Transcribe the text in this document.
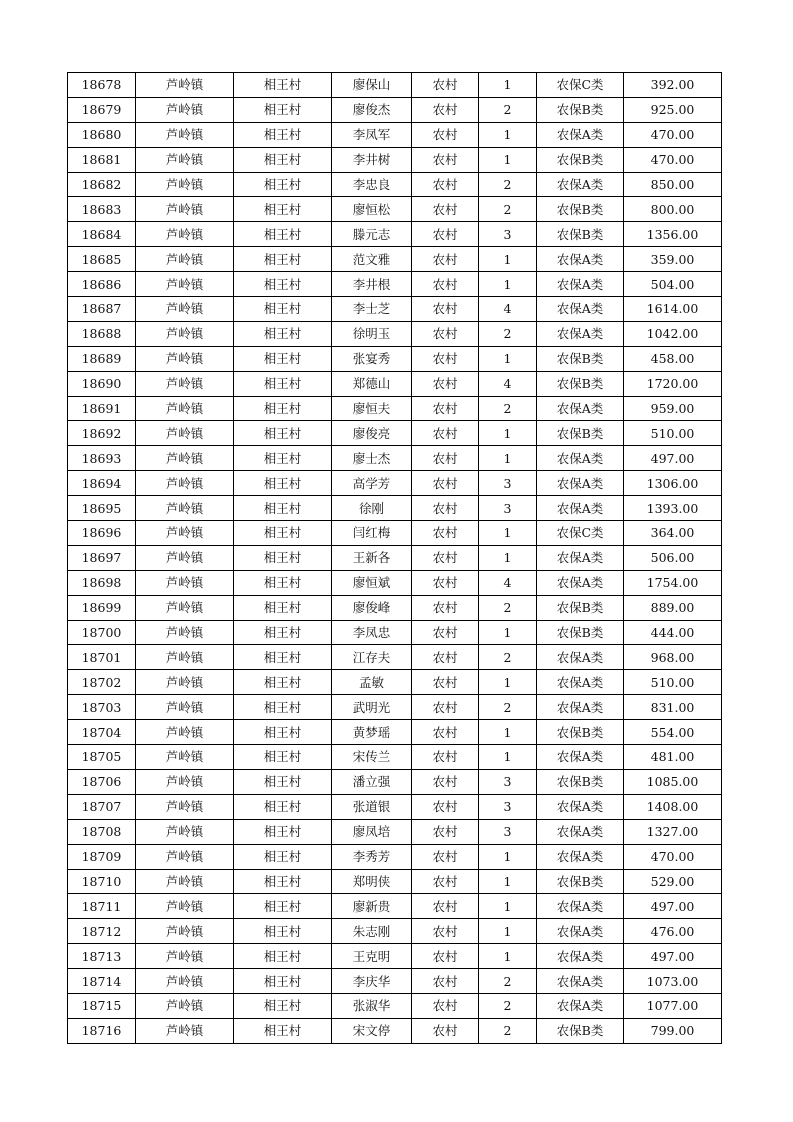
18678	芦岭镇	相王村	廖保山	农村	1	农保C类	392.00
18679	芦岭镇	相王村	廖俊杰	农村	2	农保B类	925.00
18680	芦岭镇	相王村	李凤军	农村	1	农保A类	470.00
18681	芦岭镇	相王村	李井树	农村	1	农保B类	470.00
18682	芦岭镇	相王村	李忠良	农村	2	农保A类	850.00
18683	芦岭镇	相王村	廖恒松	农村	2	农保B类	800.00
18684	芦岭镇	相王村	滕元志	农村	3	农保B类	1356.00
18685	芦岭镇	相王村	范文雅	农村	1	农保A类	359.00
18686	芦岭镇	相王村	李井根	农村	1	农保A类	504.00
18687	芦岭镇	相王村	李士芝	农村	4	农保A类	1614.00
18688	芦岭镇	相王村	徐明玉	农村	2	农保A类	1042.00
18689	芦岭镇	相王村	张宴秀	农村	1	农保B类	458.00
18690	芦岭镇	相王村	郑德山	农村	4	农保B类	1720.00
18691	芦岭镇	相王村	廖恒夫	农村	2	农保A类	959.00
18692	芦岭镇	相王村	廖俊亮	农村	1	农保B类	510.00
18693	芦岭镇	相王村	廖士杰	农村	1	农保A类	497.00
18694	芦岭镇	相王村	高学芳	农村	3	农保A类	1306.00
18695	芦岭镇	相王村	徐刚	农村	3	农保A类	1393.00
18696	芦岭镇	相王村	闫红梅	农村	1	农保C类	364.00
18697	芦岭镇	相王村	王新各	农村	1	农保A类	506.00
18698	芦岭镇	相王村	廖恒斌	农村	4	农保A类	1754.00
18699	芦岭镇	相王村	廖俊峰	农村	2	农保B类	889.00
18700	芦岭镇	相王村	李凤忠	农村	1	农保B类	444.00
18701	芦岭镇	相王村	江存夫	农村	2	农保A类	968.00
18702	芦岭镇	相王村	孟敏	农村	1	农保A类	510.00
18703	芦岭镇	相王村	武明光	农村	2	农保A类	831.00
18704	芦岭镇	相王村	黄梦瑶	农村	1	农保B类	554.00
18705	芦岭镇	相王村	宋传兰	农村	1	农保A类	481.00
18706	芦岭镇	相王村	潘立强	农村	3	农保B类	1085.00
18707	芦岭镇	相王村	张道银	农村	3	农保A类	1408.00
18708	芦岭镇	相王村	廖凤培	农村	3	农保A类	1327.00
18709	芦岭镇	相王村	李秀芳	农村	1	农保A类	470.00
18710	芦岭镇	相王村	郑明侠	农村	1	农保B类	529.00
18711	芦岭镇	相王村	廖新贵	农村	1	农保A类	497.00
18712	芦岭镇	相王村	朱志刚	农村	1	农保A类	476.00
18713	芦岭镇	相王村	王克明	农村	1	农保A类	497.00
18714	芦岭镇	相王村	李庆华	农村	2	农保A类	1073.00
18715	芦岭镇	相王村	张淑华	农村	2	农保A类	1077.00
18716	芦岭镇	相王村	宋文停	农村	2	农保B类	799.00
